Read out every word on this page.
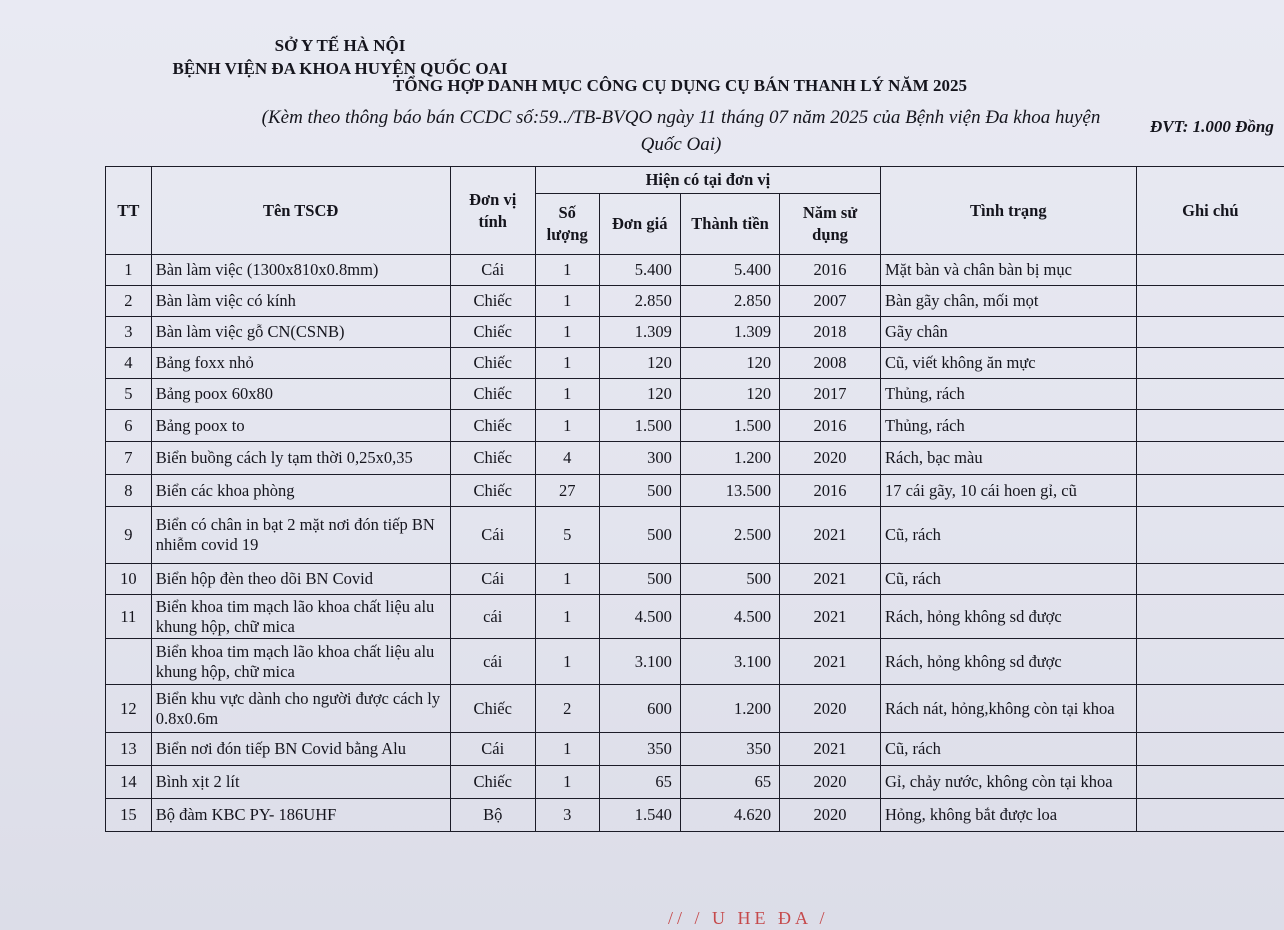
SỞ Y TẾ HÀ NỘI
BỆNH VIỆN ĐA KHOA HUYỆN QUỐC OAI
TỔNG HỢP DANH MỤC CÔNG CỤ DỤNG CỤ BÁN THANH LÝ NĂM 2025
(Kèm theo thông báo bán CCDC số:59../TB-BVQO ngày 11 tháng 07 năm 2025 của Bệnh viện Đa khoa huyện
Quốc Oai)
ĐVT: 1.000 Đồng
TT	Tên TSCĐ	Đơn vị tính	Hiện có tại đơn vị				Tình trạng	Ghi chú
			Số lượng	Đơn giá	Thành tiền	Năm sử dụng		
1	Bàn làm việc (1300x810x0.8mm)	Cái	1	5.400	5.400	2016	Mặt bàn và chân bàn bị mục	
2	Bàn làm việc có kính	Chiếc	1	2.850	2.850	2007	Bàn gãy chân, mối mọt	
3	Bàn làm việc gỗ CN(CSNB)	Chiếc	1	1.309	1.309	2018	Gãy chân	
4	Bảng foxx nhỏ	Chiếc	1	120	120	2008	Cũ, viết không ăn mực	
5	Bảng poox 60x80	Chiếc	1	120	120	2017	Thủng, rách	
6	Bảng poox to	Chiếc	1	1.500	1.500	2016	Thủng, rách	
7	Biển buồng cách ly tạm thời 0,25x0,35	Chiếc	4	300	1.200	2020	Rách, bạc màu	
8	Biển các khoa phòng	Chiếc	27	500	13.500	2016	17 cái gãy, 10 cái hoen gỉ, cũ	
9	Biển có chân in bạt 2 mặt nơi đón tiếp BN nhiễm covid 19	Cái	5	500	2.500	2021	Cũ, rách	
10	Biển hộp đèn theo dõi BN Covid	Cái	1	500	500	2021	Cũ, rách	
11	Biển khoa tim mạch lão khoa chất liệu alu khung hộp, chữ mica	cái	1	4.500	4.500	2021	Rách, hỏng không sd được	
	Biển khoa tim mạch lão khoa chất liệu alu khung hộp, chữ mica	cái	1	3.100	3.100	2021	Rách, hỏng không sd được	
12	Biển khu vực dành cho người được cách ly 0.8x0.6m	Chiếc	2	600	1.200	2020	Rách nát, hỏng,không còn tại khoa	
13	Biển nơi đón tiếp BN Covid bằng Alu	Cái	1	350	350	2021	Cũ, rách	
14	Bình xịt 2 lít	Chiếc	1	65	65	2020	Gỉ, chảy nước, không còn tại khoa	
15	Bộ đàm KBC PY- 186UHF	Bộ	3	1.540	4.620	2020	Hỏng, không bắt được loa	
// / U HE ĐA /
